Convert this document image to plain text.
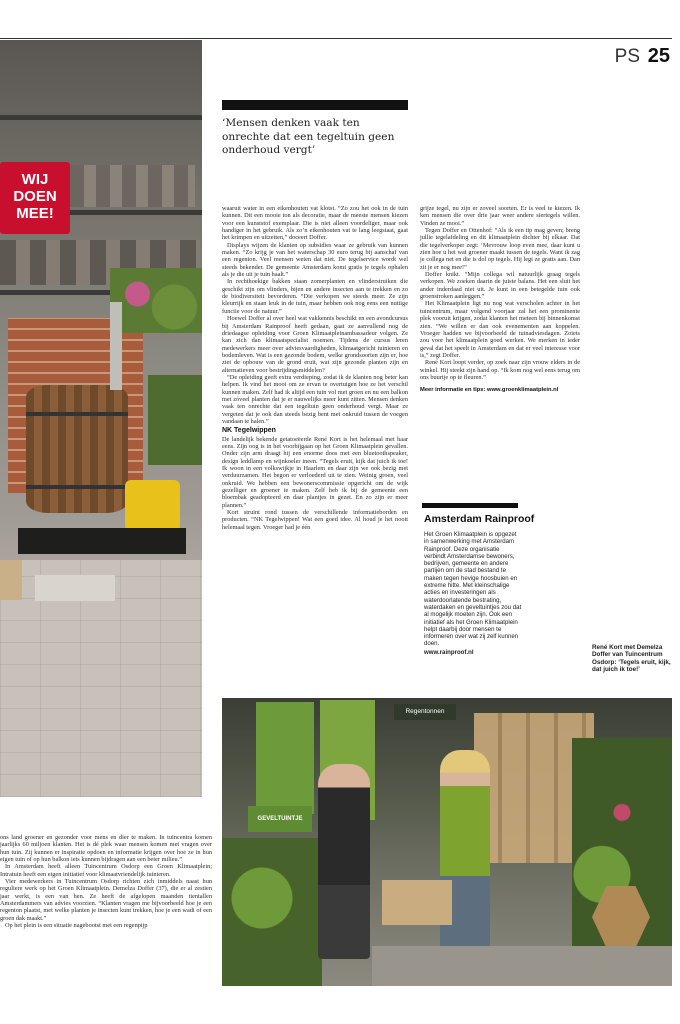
PS 25
WIJ DOEN MEE!
‘Mensen denken vaak ten onrechte dat een tegeltuin geen onderhoud vergt’

waaruit water in een eikenhouten vat klotst. “Zo zou het ook in de tuin kunnen. Dit een mooie ton als decoratie, maar de meeste mensen kiezen voor een kunststof exemplaar. Die is niet alleen voordeliger, maar ook handiger in het gebruik. Als zo’n eikenhouten vat te lang leegstaat, gaat het krimpen en uitzetten,” doceert Doffer.

Displays wijzen de klanten op subsidies waar ze gebruik van kunnen maken. “Zo krijg je van het waterschap 30 euro terug bij aanschaf van een regenton. Veel mensen weten dat niet. De tegelservice wordt wel steeds bekender. De gemeente Amsterdam komt gratis je tegels ophalen als je die uit je tuin haalt.”

In rechthoekige bakken staan zomerplanten en vlinderstruiken die geschikt zijn om vlinders, bijen en andere insecten aan te trekken en zo de biodiversiteit bevorderen. “Die verkopen we steeds meer. Ze zijn kleurrijk en staan leuk in de tuin, maar hebben ook nog eens een nuttige functie voor de natuur.”

Hoewel Doffer al over heel wat vakkennis beschikt en een avondcursus bij Amsterdam Rainproof heeft gedaan, gaat ze aanvullend nog de driedaagse opleiding voor Groen Klimaatpleinambassadeur volgen. Ze kan zich dan klimaatspecialist noemen. Tijdens de cursus leren medewerkers meer over adviesvaardigheden, klimaatgericht tuinieren en bodemleven. Wat is een gezonde bodem, welke grondsoorten zijn er, hoe ziet de opbouw van de grond eruit, wat zijn gezonde planten zijn en alternatieven voor bestrijdingsmiddelen?

“De opleiding geeft extra verdieping, zodat ik de klanten nog beter kan helpen. Ik vind het mooi om ze ervan te overtuigen hoe ze het verschil kunnen maken. Zelf had ik altijd een tuin vol met groen en nu een balkon met zóveel planten dat je er nauwelijks meer kunt zitten. Mensen denken vaak ten onrechte dat een tegeltuin geen onderhoud vergt. Maar ze vergeten dat je ook dan steeds bezig bent met onkruid tussen de voegen vandaan te halen.”

NK Tegelwippen

De landelijk bekende getatoeëerde René Kort is het helemaal met haar eens. Zijn oog is in het voorbijgaan op het Groen Klimaatplein gevallen. Onder zijn arm draagt hij een enorme doos met een bluetoothspeaker, design leddlamp en wijnkoeler ineen. “Tegels eruit, kijk dat juich ik toe! Ik woon in een volkswijkje in Haarlem en daar zijn we ook bezig met verduurzamen. Het begon er verloederd uit te zien. Weinig groen, veel onkruid. We hebben een bewonerscommissie opgericht om de wijk gezelliger en groener te maken. Zelf heb ik bij de gemeente een bloembak geadopteerd en daar plantjes in gezet. En zo zijn er meer plannen.”

Kort struint rond tussen de verschillende informatieborden en producten. “NK Tegelwippen! Wat een goed idee. Al houd je het nooit helemaal tegen. Vroeger had je één

grijze tegel, nu zijn er zoveel soorten. Er is veel te kiezen. Ik ken mensen die over drie jaar weer andere siertegels willen. Vinden ze mooi.”

Tegen Doffer en Ottenhof: “Als ik een tip mag geven; breng jullie tegelafdeling en dit klimaatplein dichter bij elkaar. Dat die tegelverkoper zegt: ‘Mevrouw loop even mee, daar kunt u zien hoe u het wat groener maakt tussen de tegels. Want ik zag je collega net en die is dol op tegels. Hij legt ze gratis aan. Dan zit je er nog mee!”

Doffer knikt. “Mijn collega wil natuurlijk graag tegels verkopen. We zoeken daarin de juiste balans. Het een sluit het ander inderdaad niet uit. Je kunt in een betegelde tuin ook groenstroken aanleggen.”

Het Klimaatplein ligt nu nog wat verscholen achter in het tuincentrum, maar volgend voorjaar zal het een prominente plek vooruit krijgen, zodat klanten het meteen bij binnenkomst zien. “We willen er dan ook evenementen aan koppelen. Vroeger hadden we bijvoorbeeld de tuinadviesdagen. Zoiets zou voor het klimaatplein goed werken. We merken in ieder geval dat het speelt in Amsterdam en dat er veel interesse voor is,” zegt Doffer.

René Kort loopt verder, op zoek naar zijn vrouw elders in de winkel. Hij steekt zijn hand op. “Ik kom nog wel eens terug om ons buurtje op te fleuren.”

Meer informatie en tips: www.groenklimaatplein.nl
Amsterdam Rainproof
Het Groen Klimaatplein is opgezet in samenwerking met Amsterdam Rainproof. Deze organisatie verbindt Amsterdamse bewoners, bedrijven, gemeente en andere partijen om de stad bestand te maken tegen hevige hoosbuien en extreme hitte. Met kleinschalige acties en investeringen als waterdoorlatende bestrating, waterdaken en geveltuintjes zou dat al mogelijk moeten zijn. Ook een initiatief als het Groen Klimaatplein helpt daarbij door mensen te informeren over wat zij zelf kunnen doen.
www.rainproof.nl
René Kort met Demelza Doffer van Tuincentrum Osdorp: ‘Tegels eruit, kijk, dat juich ik toe!’
GEVELTUINTJE
Regentonnen

ons land groener en gezonder voor mens en dier te maken. In tuincentra komen jaarlijks 60 miljoen klanten. Het is dé plek waar mensen komen met vragen over hun tuin. Zij kunnen er inspiratie opdoen en informatie krijgen over hoe ze in hun eigen tuin of op hun balkon iets kunnen bijdragen aan een beter milieu.”

In Amsterdam heeft alleen Tuincentrum Osdorp een Groen Klimaatplein; Intratuin heeft een eigen initiatief voor klimaatvriendelijk tuinieren.

Vier medewerkers in Tuincentrum Osdorp richten zich inmiddels naast hun reguliere werk op het Groen Klimaatplein. Demelza Doffer (37), die er al zestien jaar werkt, is een van hen. Ze heeft de afgelopen maanden tientallen Amsterdammers van advies voorzien. “Klanten vragen me bijvoorbeeld hoe je een regenton plaatst, met welke planten je insecten kunt trekken, hoe je een wadi of een groen dak maakt.”

Op het plein is een situatie nagebootst met een regenpijp
